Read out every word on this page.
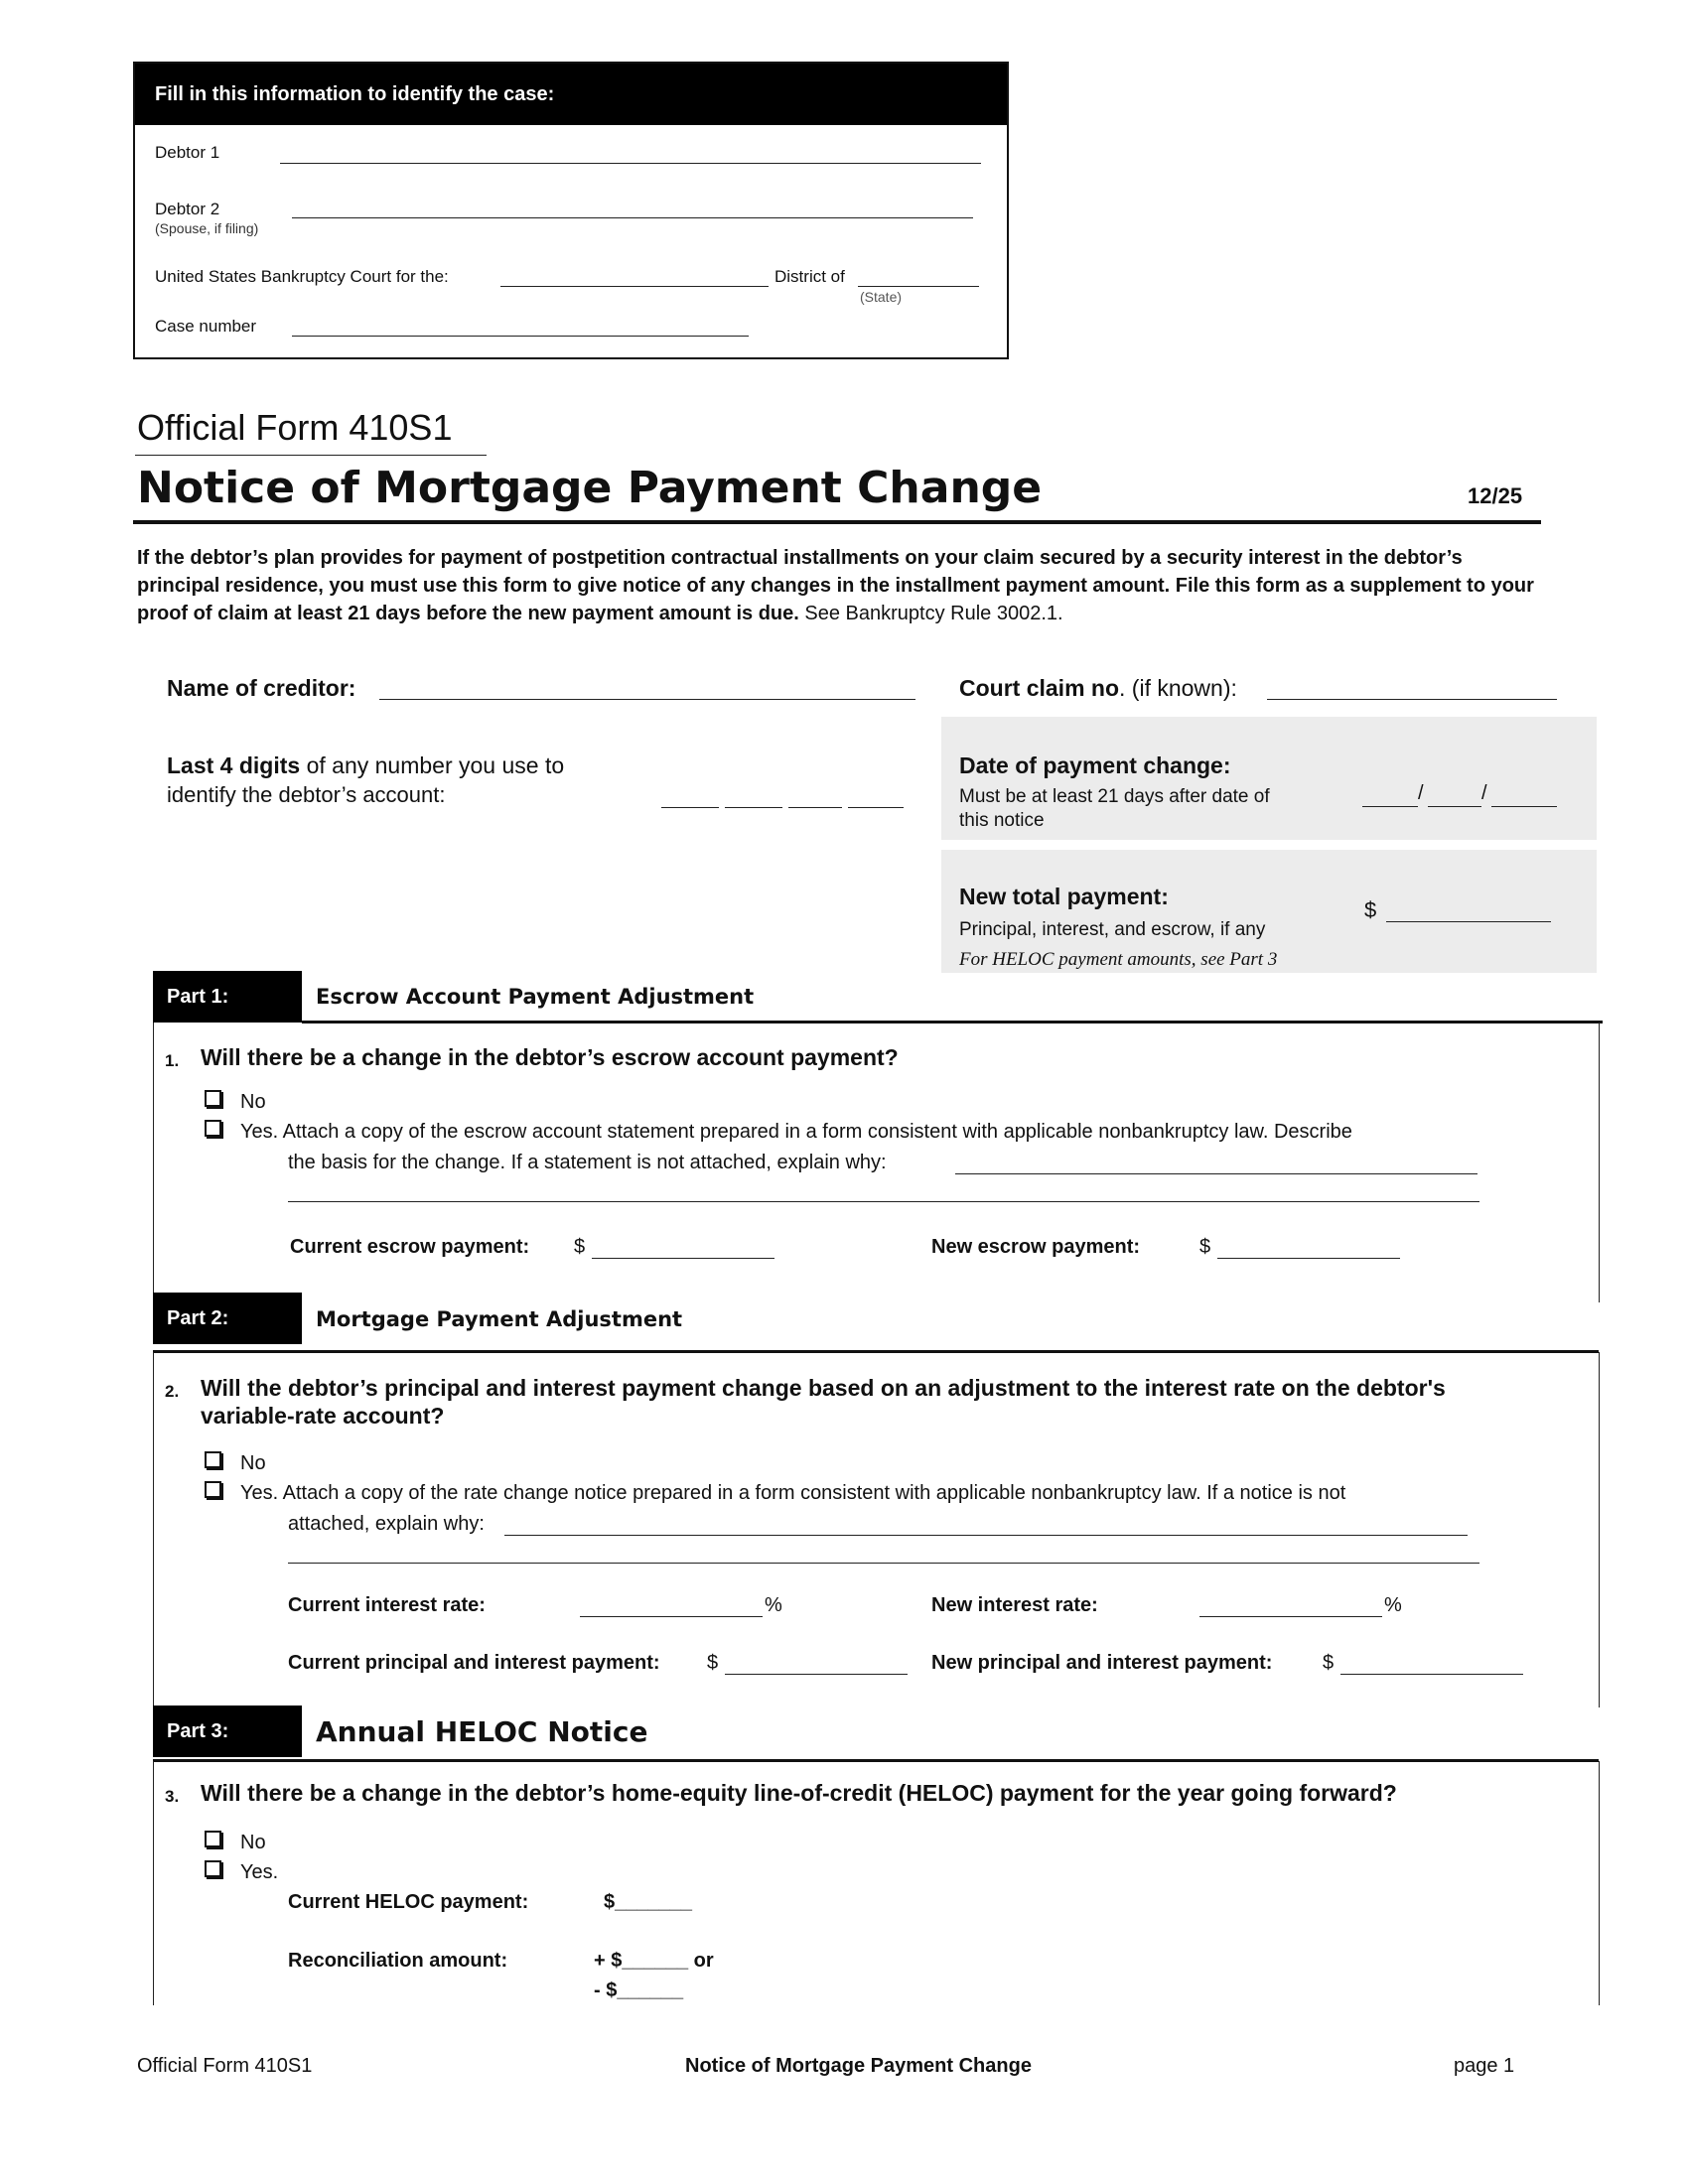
Fill in this information to identify the case:
Debtor 1
Debtor 2
(Spouse, if filing)
United States Bankruptcy Court for the:	District of
(State)
Case number
Official Form 410S1
Notice of Mortgage Payment Change	12/25
If the debtor’s plan provides for payment of postpetition contractual installments on your claim secured by a security interest in the debtor’s principal residence, you must use this form to give notice of any changes in the installment payment amount. File this form as a supplement to your proof of claim at least 21 days before the new payment amount is due. See Bankruptcy Rule 3002.1.
Name of creditor:	Court claim no. (if known):
Last 4 digits of any number you use to
identify the debtor’s account:
Date of payment change:
Must be at least 21 days after date of
this notice
/	/
New total payment:
Principal, interest, and escrow, if any
For HELOC payment amounts, see Part 3
$
Part 1:	Escrow Account Payment Adjustment
1. Will there be a change in the debtor’s escrow account payment?
No
Yes. Attach a copy of the escrow account statement prepared in a form consistent with applicable nonbankruptcy law. Describe
the basis for the change. If a statement is not attached, explain why:
Current escrow payment: $	New escrow payment:	$
Part 2:	Mortgage Payment Adjustment
2. Will the debtor’s principal and interest payment change based on an adjustment to the interest rate on the debtor's
variable-rate account?
No
Yes. Attach a copy of the rate change notice prepared in a form consistent with applicable nonbankruptcy law. If a notice is not
attached, explain why:
Current interest rate:	%	New interest rate:	%
Current principal and interest payment: $	New principal and interest payment:	$
Part 3:	Annual HELOC Notice
3. Will there be a change in the debtor’s home-equity line-of-credit (HELOC) payment for the year going forward?
No
Yes.
Current HELOC payment:	$_______
Reconciliation amount:	+ $______ or
- $______
Official Form 410S1	Notice of Mortgage Payment Change	page 1
